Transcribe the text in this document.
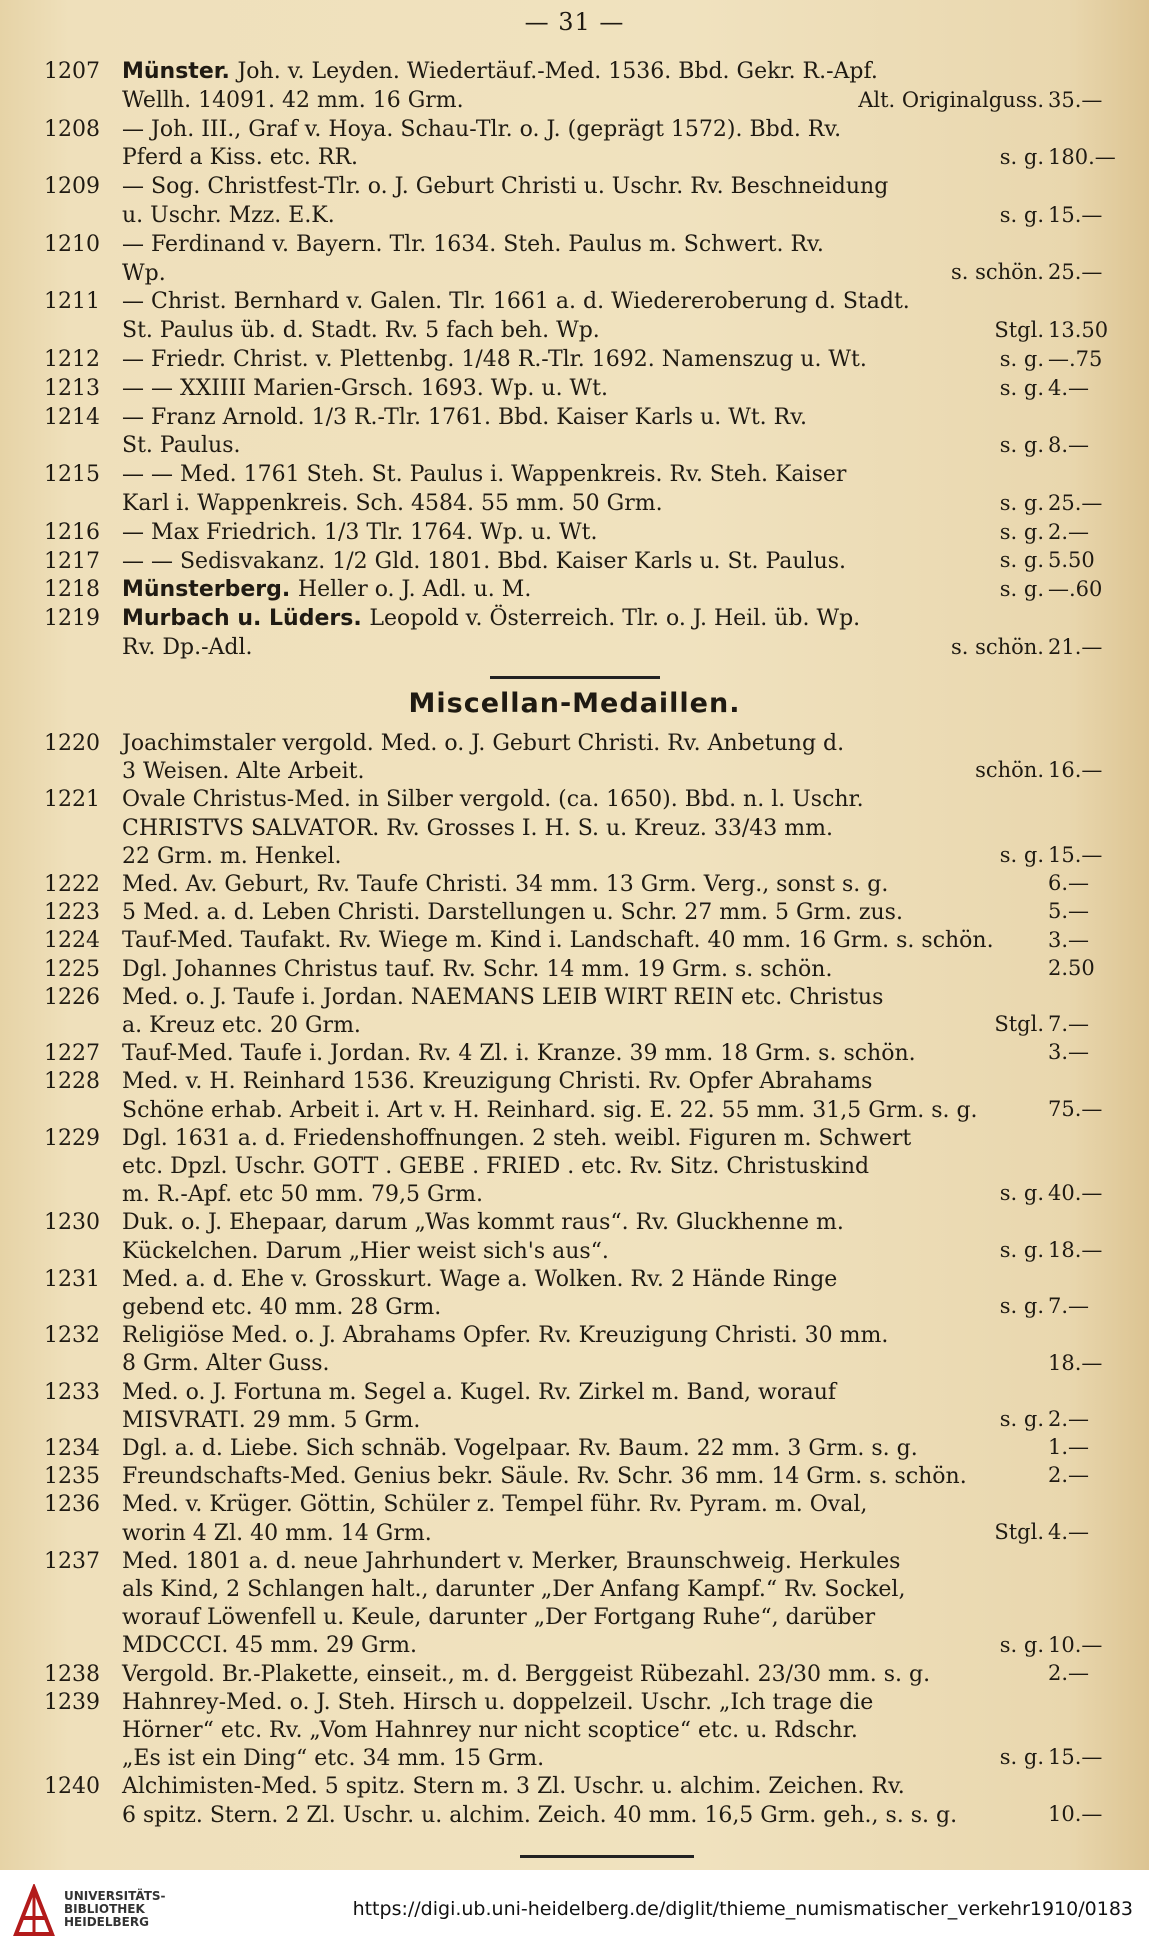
— 31 —
1207	Münster. Joh. v. Leyden. Wiedertäuf.-Med. 1536. Bbd. Gekr. R.-Apf.
Wellh. 14091. 42 mm. 16 Grm.	Alt. Originalguss. 35.—
1208	— Joh. III., Graf v. Hoya. Schau-Tlr. o. J. (geprägt 1572). Bbd. Rv.
Pferd a Kiss. etc. RR.	s. g. 180.—
1209	— Sog. Christfest-Tlr. o. J. Geburt Christi u. Uschr. Rv. Beschneidung
u. Uschr. Mzz. E.K.	s. g. 15.—
1210	— Ferdinand v. Bayern. Tlr. 1634. Steh. Paulus m. Schwert. Rv.
Wp.	s. schön. 25.—
1211	— Christ. Bernhard v. Galen. Tlr. 1661 a. d. Wiedereroberung d. Stadt.
St. Paulus üb. d. Stadt. Rv. 5 fach beh. Wp.	Stgl. 13.50
1212	— Friedr. Christ. v. Plettenbg. 1/48 R.-Tlr. 1692. Namenszug u. Wt.	s. g. —.75
1213	— — XXIIII Marien-Grsch. 1693. Wp. u. Wt.	s. g. 4.—
1214	— Franz Arnold. 1/3 R.-Tlr. 1761. Bbd. Kaiser Karls u. Wt. Rv.
St. Paulus.	s. g. 8.—
1215	— — Med. 1761 Steh. St. Paulus i. Wappenkreis. Rv. Steh. Kaiser
Karl i. Wappenkreis. Sch. 4584. 55 mm. 50 Grm.	s. g. 25.—
1216	— Max Friedrich. 1/3 Tlr. 1764. Wp. u. Wt.	s. g. 2.—
1217	— — Sedisvakanz. 1/2 Gld. 1801. Bbd. Kaiser Karls u. St. Paulus.	s. g. 5.50
1218	Münsterberg. Heller o. J. Adl. u. M.	s. g. —.60
1219	Murbach u. Lüders. Leopold v. Österreich. Tlr. o. J. Heil. üb. Wp.
Rv. Dp.-Adl.	s. schön. 21.—
Miscellan-Medaillen.
1220	Joachimstaler vergold. Med. o. J. Geburt Christi. Rv. Anbetung d.
3 Weisen. Alte Arbeit.	schön. 16.—
1221	Ovale Christus-Med. in Silber vergold. (ca. 1650). Bbd. n. l. Uschr.
CHRISTVS SALVATOR. Rv. Grosses I. H. S. u. Kreuz. 33/43 mm.
22 Grm. m. Henkel.	s. g. 15.—
1222	Med. Av. Geburt, Rv. Taufe Christi. 34 mm. 13 Grm. Verg., sonst s. g.	6.—
1223	5 Med. a. d. Leben Christi. Darstellungen u. Schr. 27 mm. 5 Grm. zus.	5.—
1224	Tauf-Med. Taufakt. Rv. Wiege m. Kind i. Landschaft. 40 mm. 16 Grm. s. schön.	3.—
1225	Dgl. Johannes Christus tauf. Rv. Schr. 14 mm. 19 Grm. s. schön.	2.50
1226	Med. o. J. Taufe i. Jordan. NAEMANS LEIB WIRT REIN etc. Christus
a. Kreuz etc. 20 Grm.	Stgl. 7.—
1227	Tauf-Med. Taufe i. Jordan. Rv. 4 Zl. i. Kranze. 39 mm. 18 Grm. s. schön.	3.—
1228	Med. v. H. Reinhard 1536. Kreuzigung Christi. Rv. Opfer Abrahams
Schöne erhab. Arbeit i. Art v. H. Reinhard. sig. E. 22. 55 mm. 31,5 Grm. s. g.	75.—
1229	Dgl. 1631 a. d. Friedenshoffnungen. 2 steh. weibl. Figuren m. Schwert
etc. Dpzl. Uschr. GOTT . GEBE . FRIED . etc. Rv. Sitz. Christuskind
m. R.-Apf. etc 50 mm. 79,5 Grm.	s. g. 40.—
1230	Duk. o. J. Ehepaar, darum „Was kommt raus“. Rv. Gluckhenne m.
Kückelchen. Darum „Hier weist sich's aus“.	s. g. 18.—
1231	Med. a. d. Ehe v. Grosskurt. Wage a. Wolken. Rv. 2 Hände Ringe
gebend etc. 40 mm. 28 Grm.	s. g. 7.—
1232	Religiöse Med. o. J. Abrahams Opfer. Rv. Kreuzigung Christi. 30 mm.
8 Grm. Alter Guss.	18.—
1233	Med. o. J. Fortuna m. Segel a. Kugel. Rv. Zirkel m. Band, worauf
MISVRATI. 29 mm. 5 Grm.	s. g. 2.—
1234	Dgl. a. d. Liebe. Sich schnäb. Vogelpaar. Rv. Baum. 22 mm. 3 Grm. s. g.	1.—
1235	Freundschafts-Med. Genius bekr. Säule. Rv. Schr. 36 mm. 14 Grm. s. schön.	2.—
1236	Med. v. Krüger. Göttin, Schüler z. Tempel führ. Rv. Pyram. m. Oval,
worin 4 Zl. 40 mm. 14 Grm.	Stgl. 4.—
1237	Med. 1801 a. d. neue Jahrhundert v. Merker, Braunschweig. Herkules
als Kind, 2 Schlangen halt., darunter „Der Anfang Kampf.“ Rv. Sockel,
worauf Löwenfell u. Keule, darunter „Der Fortgang Ruhe“, darüber
MDCCCI. 45 mm. 29 Grm.	s. g. 10.—
1238	Vergold. Br.-Plakette, einseit., m. d. Berggeist Rübezahl. 23/30 mm. s. g.	2.—
1239	Hahnrey-Med. o. J. Steh. Hirsch u. doppelzeil. Uschr. „Ich trage die
Hörner“ etc. Rv. „Vom Hahnrey nur nicht scoptice“ etc. u. Rdschr.
„Es ist ein Ding“ etc. 34 mm. 15 Grm.	s. g. 15.—
1240	Alchimisten-Med. 5 spitz. Stern m. 3 Zl. Uschr. u. alchim. Zeichen. Rv.
6 spitz. Stern. 2 Zl. Uschr. u. alchim. Zeich. 40 mm. 16,5 Grm. geh., s. s. g.	10.—
UNIVERSITÄTS-
BIBLIOTHEK
HEIDELBERG
https://digi.ub.uni-heidelberg.de/diglit/thieme_numismatischer_verkehr1910/0183
